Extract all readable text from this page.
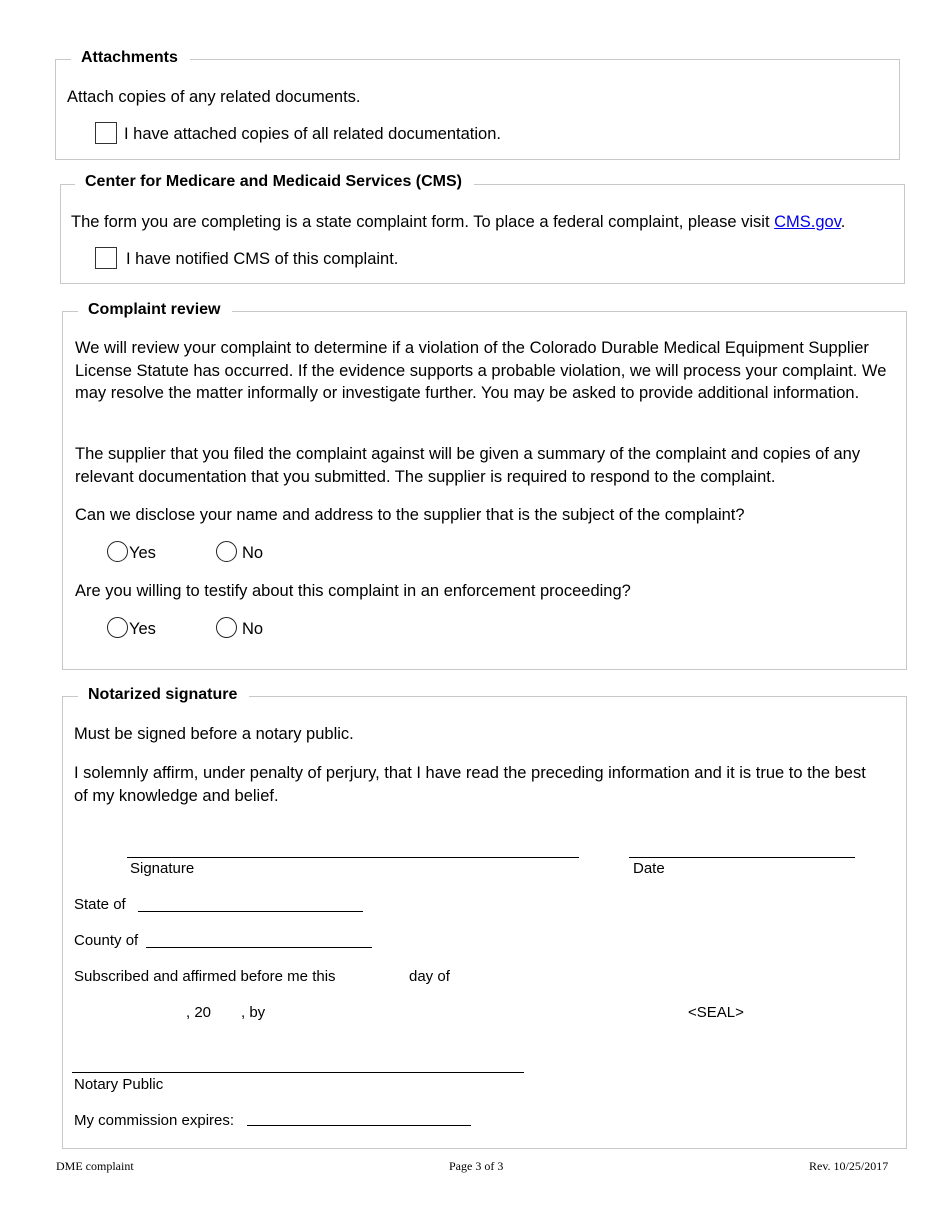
Attachments
Attach copies of any related documents.
I have attached copies of all related documentation.
Center for Medicare and Medicaid Services (CMS)
The form you are completing is a state complaint form. To place a federal complaint, please visit CMS.gov.
I have notified CMS of this complaint.
Complaint review
We will review your complaint to determine if a violation of the Colorado Durable Medical Equipment Supplier License Statute has occurred. If the evidence supports a probable violation, we will process your complaint. We may resolve the matter informally or investigate further. You may be asked to provide additional information.
The supplier that you filed the complaint against will be given a summary of the complaint and copies of any relevant documentation that you submitted. The supplier is required to respond to the complaint.
Can we disclose your name and address to the supplier that is the subject of the complaint?
Yes	No
Are you willing to testify about this complaint in an enforcement proceeding?
Yes	No
Notarized signature
Must be signed before a notary public.
I solemnly affirm, under penalty of perjury, that I have read the preceding information and it is true to the best of my knowledge and belief.
Signature	Date
State of
County of
Subscribed and affirmed before me this	day of
, 20 , by	<SEAL>
Notary Public
My commission expires:
DME complaint	Page 3 of 3	Rev. 10/25/2017
